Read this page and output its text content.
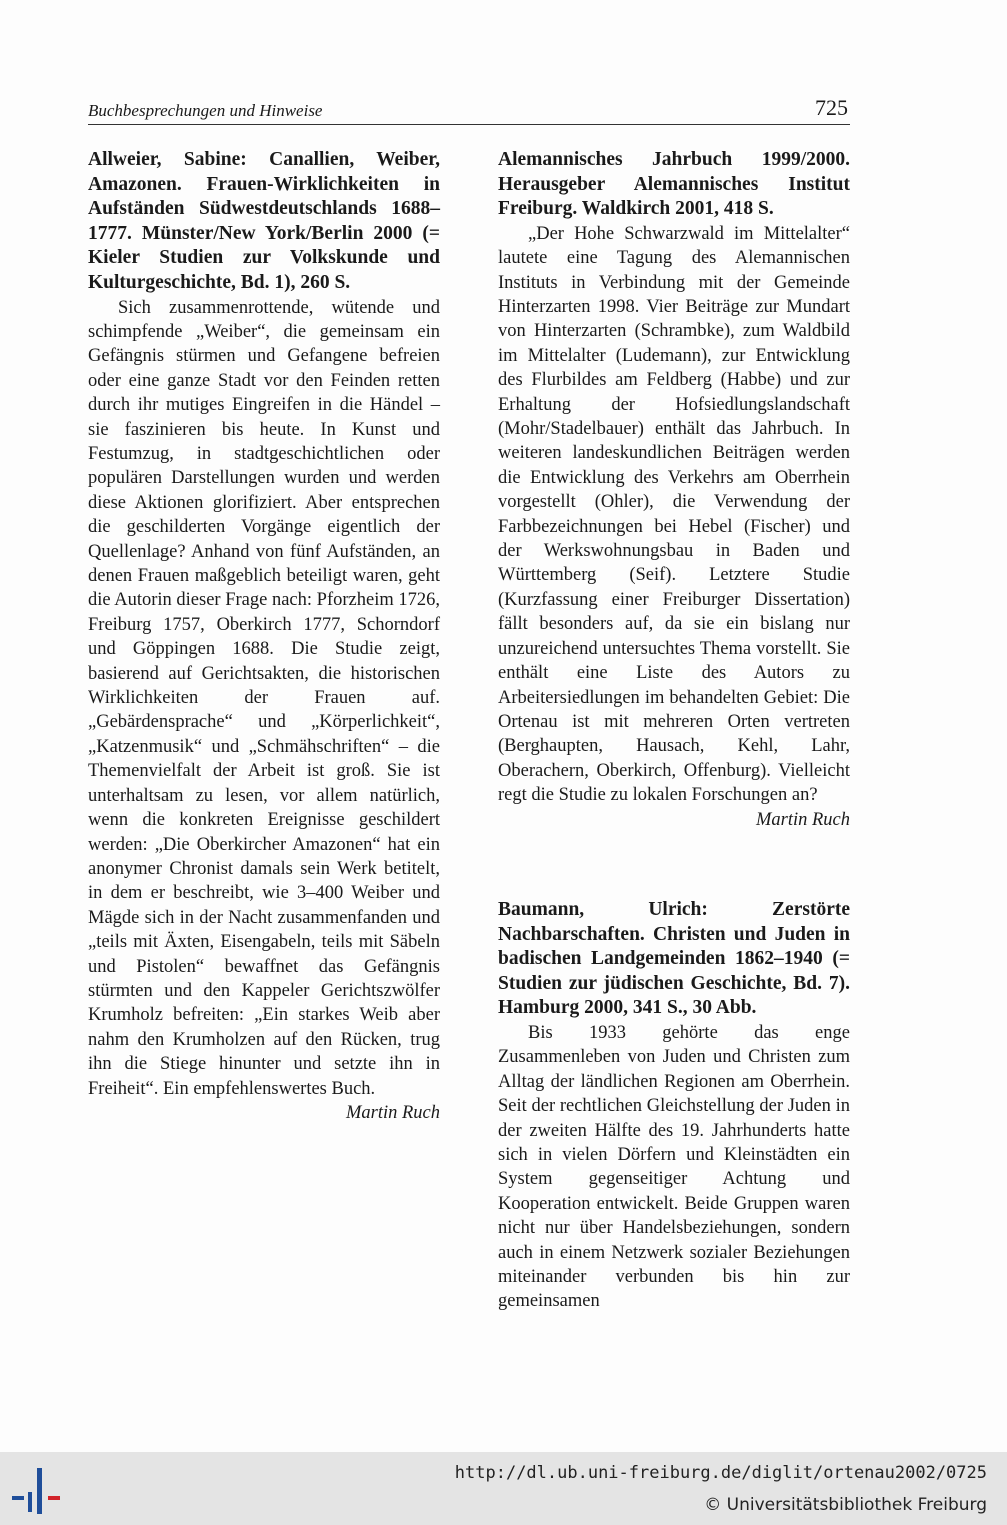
Buchbesprechungen und Hinweise	725

Allweier, Sabine: Canallien, Weiber, Amazonen. Frauen-Wirklichkeiten in Aufständen Südwestdeutschlands 1688–1777. Münster/New York/Berlin 2000 (= Kieler Studien zur Volkskunde und Kulturgeschichte, Bd. 1), 260 S.

Sich zusammenrottende, wütende und schimpfende „Weiber“, die gemeinsam ein Gefängnis stürmen und Gefangene befreien oder eine ganze Stadt vor den Feinden retten durch ihr mutiges Eingreifen in die Händel – sie faszinieren bis heute. In Kunst und Festumzug, in stadtgeschichtlichen oder populären Darstellungen wurden und werden diese Aktionen glorifiziert. Aber entsprechen die geschilderten Vorgänge eigentlich der Quellenlage? Anhand von fünf Aufständen, an denen Frauen maßgeblich beteiligt waren, geht die Autorin dieser Frage nach: Pforzheim 1726, Freiburg 1757, Oberkirch 1777, Schorndorf und Göppingen 1688. Die Studie zeigt, basierend auf Gerichtsakten, die historischen Wirklichkeiten der Frauen auf. „Gebärdensprache“ und „Körperlichkeit“, „Katzenmusik“ und „Schmähschriften“ – die Themenvielfalt der Arbeit ist groß. Sie ist unterhaltsam zu lesen, vor allem natürlich, wenn die konkreten Ereignisse geschildert werden: „Die Oberkircher Amazonen“ hat ein anonymer Chronist damals sein Werk betitelt, in dem er beschreibt, wie 3–400 Weiber und Mägde sich in der Nacht zusammenfanden und „teils mit Äxten, Eisengabeln, teils mit Säbeln und Pistolen“ bewaffnet das Gefängnis stürmten und den Kappeler Gerichtszwölfer Krumholz befreiten: „Ein starkes Weib aber nahm den Krumholzen auf den Rücken, trug ihn die Stiege hinunter und setzte ihn in Freiheit“. Ein empfehlenswertes Buch.

Martin Ruch

Alemannisches Jahrbuch 1999/2000. Herausgeber Alemannisches Institut Freiburg. Waldkirch 2001, 418 S.

„Der Hohe Schwarzwald im Mittelalter“ lautete eine Tagung des Alemannischen Instituts in Verbindung mit der Gemeinde Hinterzarten 1998. Vier Beiträge zur Mundart von Hinterzarten (Schrambke), zum Waldbild im Mittelalter (Ludemann), zur Entwicklung des Flurbildes am Feldberg (Habbe) und zur Erhaltung der Hofsiedlungslandschaft (Mohr/Stadelbauer) enthält das Jahrbuch. In weiteren landeskundlichen Beiträgen werden die Entwicklung des Verkehrs am Oberrhein vorgestellt (Ohler), die Verwendung der Farbbezeichnungen bei Hebel (Fischer) und der Werkswohnungsbau in Baden und Württemberg (Seif). Letztere Studie (Kurzfassung einer Freiburger Dissertation) fällt besonders auf, da sie ein bislang nur unzureichend untersuchtes Thema vorstellt. Sie enthält eine Liste des Autors zu Arbeitersiedlungen im behandelten Gebiet: Die Ortenau ist mit mehreren Orten vertreten (Berghaupten, Hausach, Kehl, Lahr, Oberachern, Oberkirch, Offenburg). Vielleicht regt die Studie zu lokalen Forschungen an?

Martin Ruch

Baumann, Ulrich: Zerstörte Nachbarschaften. Christen und Juden in badischen Landgemeinden 1862–1940 (= Studien zur jüdischen Geschichte, Bd. 7). Hamburg 2000, 341 S., 30 Abb.

Bis 1933 gehörte das enge Zusammenleben von Juden und Christen zum Alltag der ländlichen Regionen am Oberrhein. Seit der rechtlichen Gleichstellung der Juden in der zweiten Hälfte des 19. Jahrhunderts hatte sich in vielen Dörfern und Kleinstädten ein System gegenseitiger Achtung und Kooperation entwickelt. Beide Gruppen waren nicht nur über Handelsbeziehungen, sondern auch in einem Netzwerk sozialer Beziehungen miteinander verbunden bis hin zur gemeinsamen

http://dl.ub.uni-freiburg.de/diglit/ortenau2002/0725
© Universitätsbibliothek Freiburg
